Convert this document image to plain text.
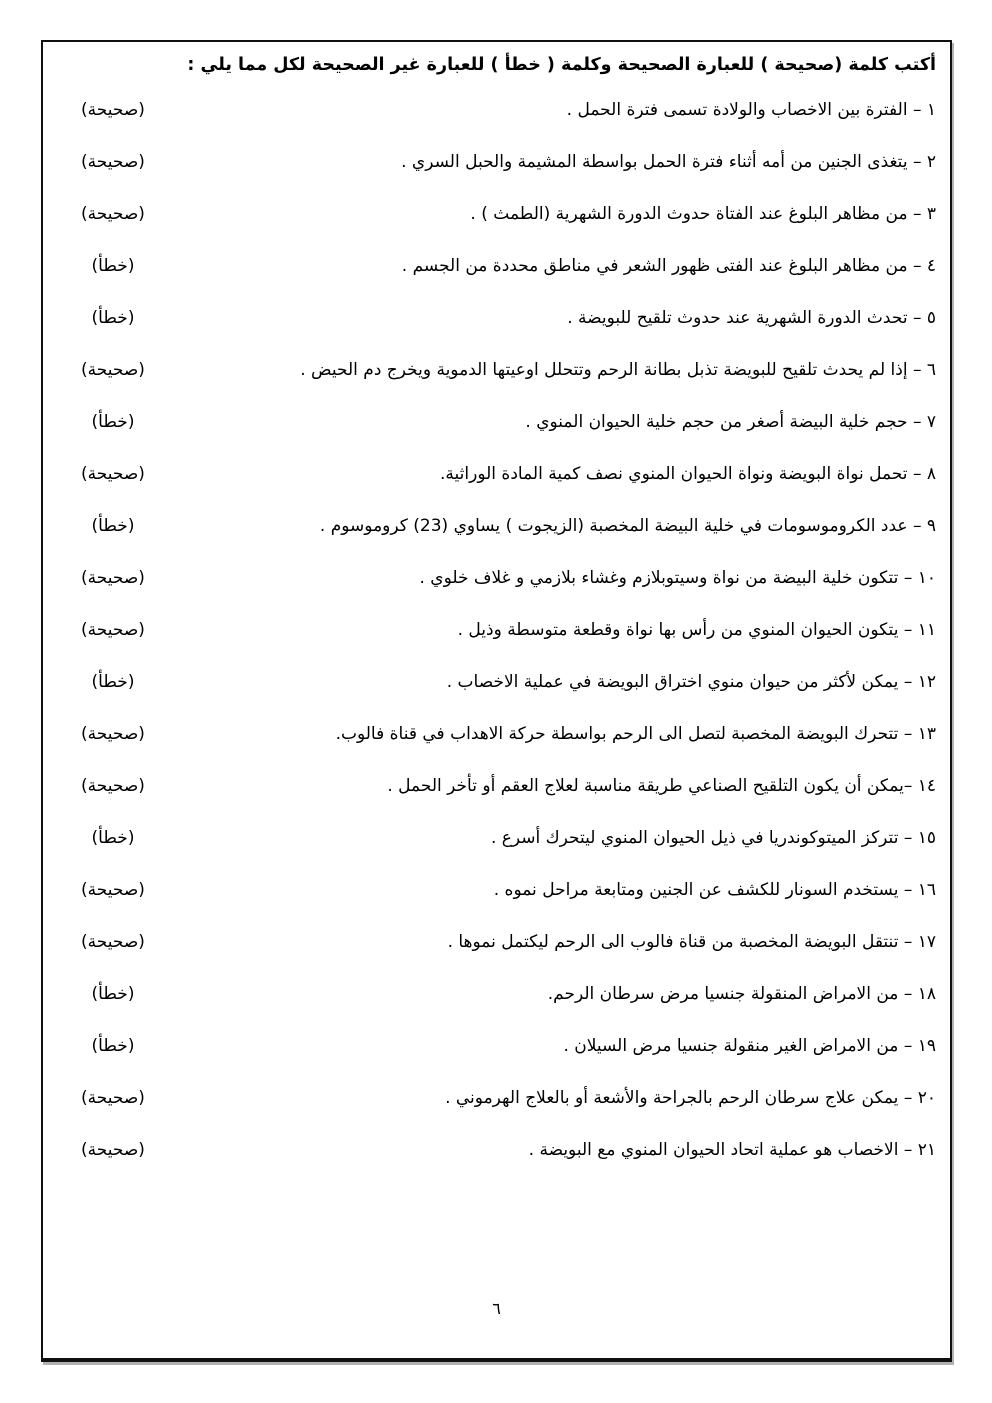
أكتب كلمة (صحيحة ) للعبارة الصحيحة وكلمة ( خطأ ) للعبارة غير الصحيحة لكل مما يلي :
١ – الفترة بين الاخصاب والولادة تسمى فترة الحمل .
(صحيحة)
٢ – يتغذى الجنين من أمه أثناء فترة الحمل بواسطة المشيمة والحبل السري .
(صحيحة)
٣ – من مظاهر البلوغ عند الفتاة حدوث الدورة الشهرية (الطمث ) .
(صحيحة)
٤ – من مظاهر البلوغ عند الفتى ظهور الشعر في مناطق محددة من الجسم .
(خطأ)
٥ – تحدث الدورة الشهرية عند حدوث تلقيح للبويضة .
(خطأ)
٦ – إذا لم يحدث تلقيح للبويضة تذبل بطانة الرحم وتتحلل اوعيتها الدموية ويخرج دم الحيض .
(صحيحة)
٧ – حجم خلية البيضة أصغر من حجم خلية الحيوان المنوي .
(خطأ)
٨ – تحمل نواة البويضة ونواة الحيوان المنوي نصف كمية المادة الوراثية.
(صحيحة)
٩ – عدد الكروموسومات في خلية البيضة المخصبة (الزيجوت ) يساوي (23) كروموسوم .
(خطأ)
١٠ – تتكون خلية البيضة من نواة وسيتوبلازم وغشاء بلازمي و غلاف خلوي .
(صحيحة)
١١ – يتكون الحيوان المنوي من رأس بها نواة وقطعة متوسطة وذيل .
(صحيحة)
١٢ – يمكن لأكثر من حيوان منوي اختراق البويضة في عملية الاخصاب .
(خطأ)
١٣ – تتحرك البويضة المخصبة لتصل الى الرحم بواسطة حركة الاهداب في قناة فالوب.
(صحيحة)
١٤ –يمكن أن يكون التلقيح الصناعي طريقة مناسبة لعلاج العقم أو تأخر الحمل .
(صحيحة)
١٥ – تتركز الميتوكوندريا في ذيل الحيوان المنوي ليتحرك أسرع .
(خطأ)
١٦ – يستخدم السونار للكشف عن الجنين ومتابعة مراحل نموه .
(صحيحة)
١٧ – تنتقل البويضة المخصبة من قناة فالوب الى الرحم ليكتمل نموها .
(صحيحة)
١٨ – من الامراض المنقولة جنسيا مرض سرطان الرحم.
(خطأ)
١٩ – من الامراض الغير منقولة جنسيا مرض السيلان .
(خطأ)
٢٠ – يمكن علاج سرطان الرحم بالجراحة والأشعة أو بالعلاج الهرموني .
(صحيحة)
٢١ – الاخصاب هو عملية اتحاد الحيوان المنوي مع البويضة .
(صحيحة)
٦
